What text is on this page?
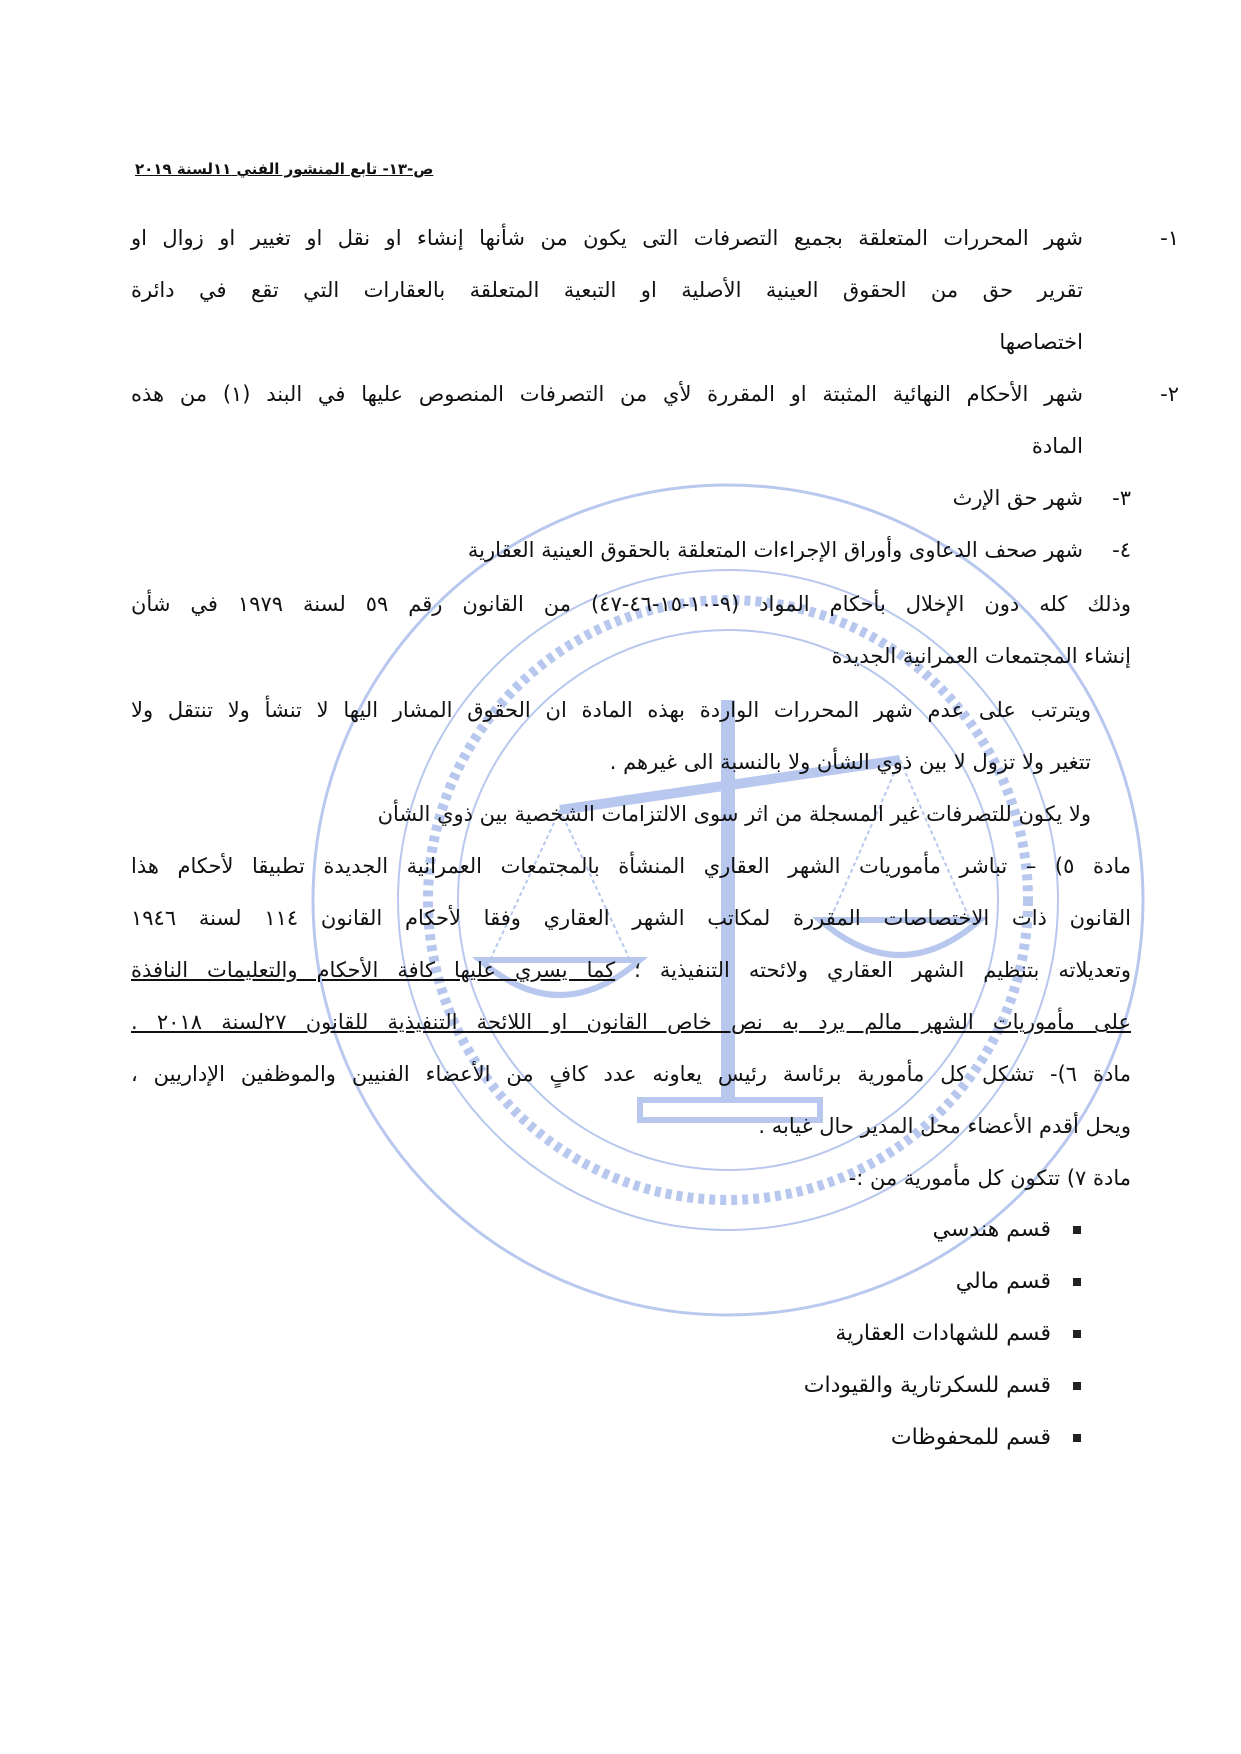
ص-١٣- تابع المنشور الفني ١١لسنة ٢٠١٩
١-شهر المحررات المتعلقة بجميع التصرفات التى يكون من شأنها إنشاء او نقل او تغيير او زوال او
تقرير حق من الحقوق العينية الأصلية او التبعية المتعلقة بالعقارات التي تقع في دائرة
اختصاصها
٢-شهر الأحكام النهائية المثبتة او المقررة لأي من التصرفات المنصوص عليها في البند (١) من هذه
المادة
٣-شهر حق الإرث
٤-شهر صحف الدعاوى وأوراق الإجراءات المتعلقة بالحقوق العينية العقارية
وذلك كله دون الإخلال بأحكام المواد (٩-١٠-١٥-٤٦-٤٧) من القانون رقم ٥٩ لسنة ١٩٧٩ في شأن
إنشاء المجتمعات العمرانية الجديدة
ويترتب على عدم شهر المحررات الواردة بهذه المادة ان الحقوق المشار اليها لا تنشأ ولا تنتقل ولا
تتغير ولا تزول لا بين ذوي الشأن ولا بالنسبة الى غيرهم .
ولا يكون للتصرفات غير المسجلة من اثر سوى الالتزامات الشخصية بين ذوي الشأن
مادة ٥) – تباشر مأموريات الشهر العقاري المنشأة بالمجتمعات العمرانية الجديدة تطبيقا لأحكام هذا
القانون ذات الاختصاصات المقررة لمكاتب الشهر العقاري وفقا لأحكام القانون ١١٤ لسنة ١٩٤٦
وتعديلاته بتنظيم الشهر العقاري ولائحته التنفيذية ؛ كما يسري عليها كافة الأحكام والتعليمات النافذة
على مأموريات الشهر مالم يرد به نص خاص القانون او اللائحة التنفيذية للقانون ٢٧لسنة ٢٠١٨ .
مادة ٦)- تشكل كل مأمورية برئاسة رئيس يعاونه عدد كافٍ من الأعضاء الفنيين والموظفين الإداريين ،
ويحل أقدم الأعضاء محل المدير حال غيابه .
مادة ٧) تتكون كل مأمورية من :-
قسم هندسي
قسم مالي
قسم للشهادات العقارية
قسم للسكرتارية والقيودات
قسم للمحفوظات
